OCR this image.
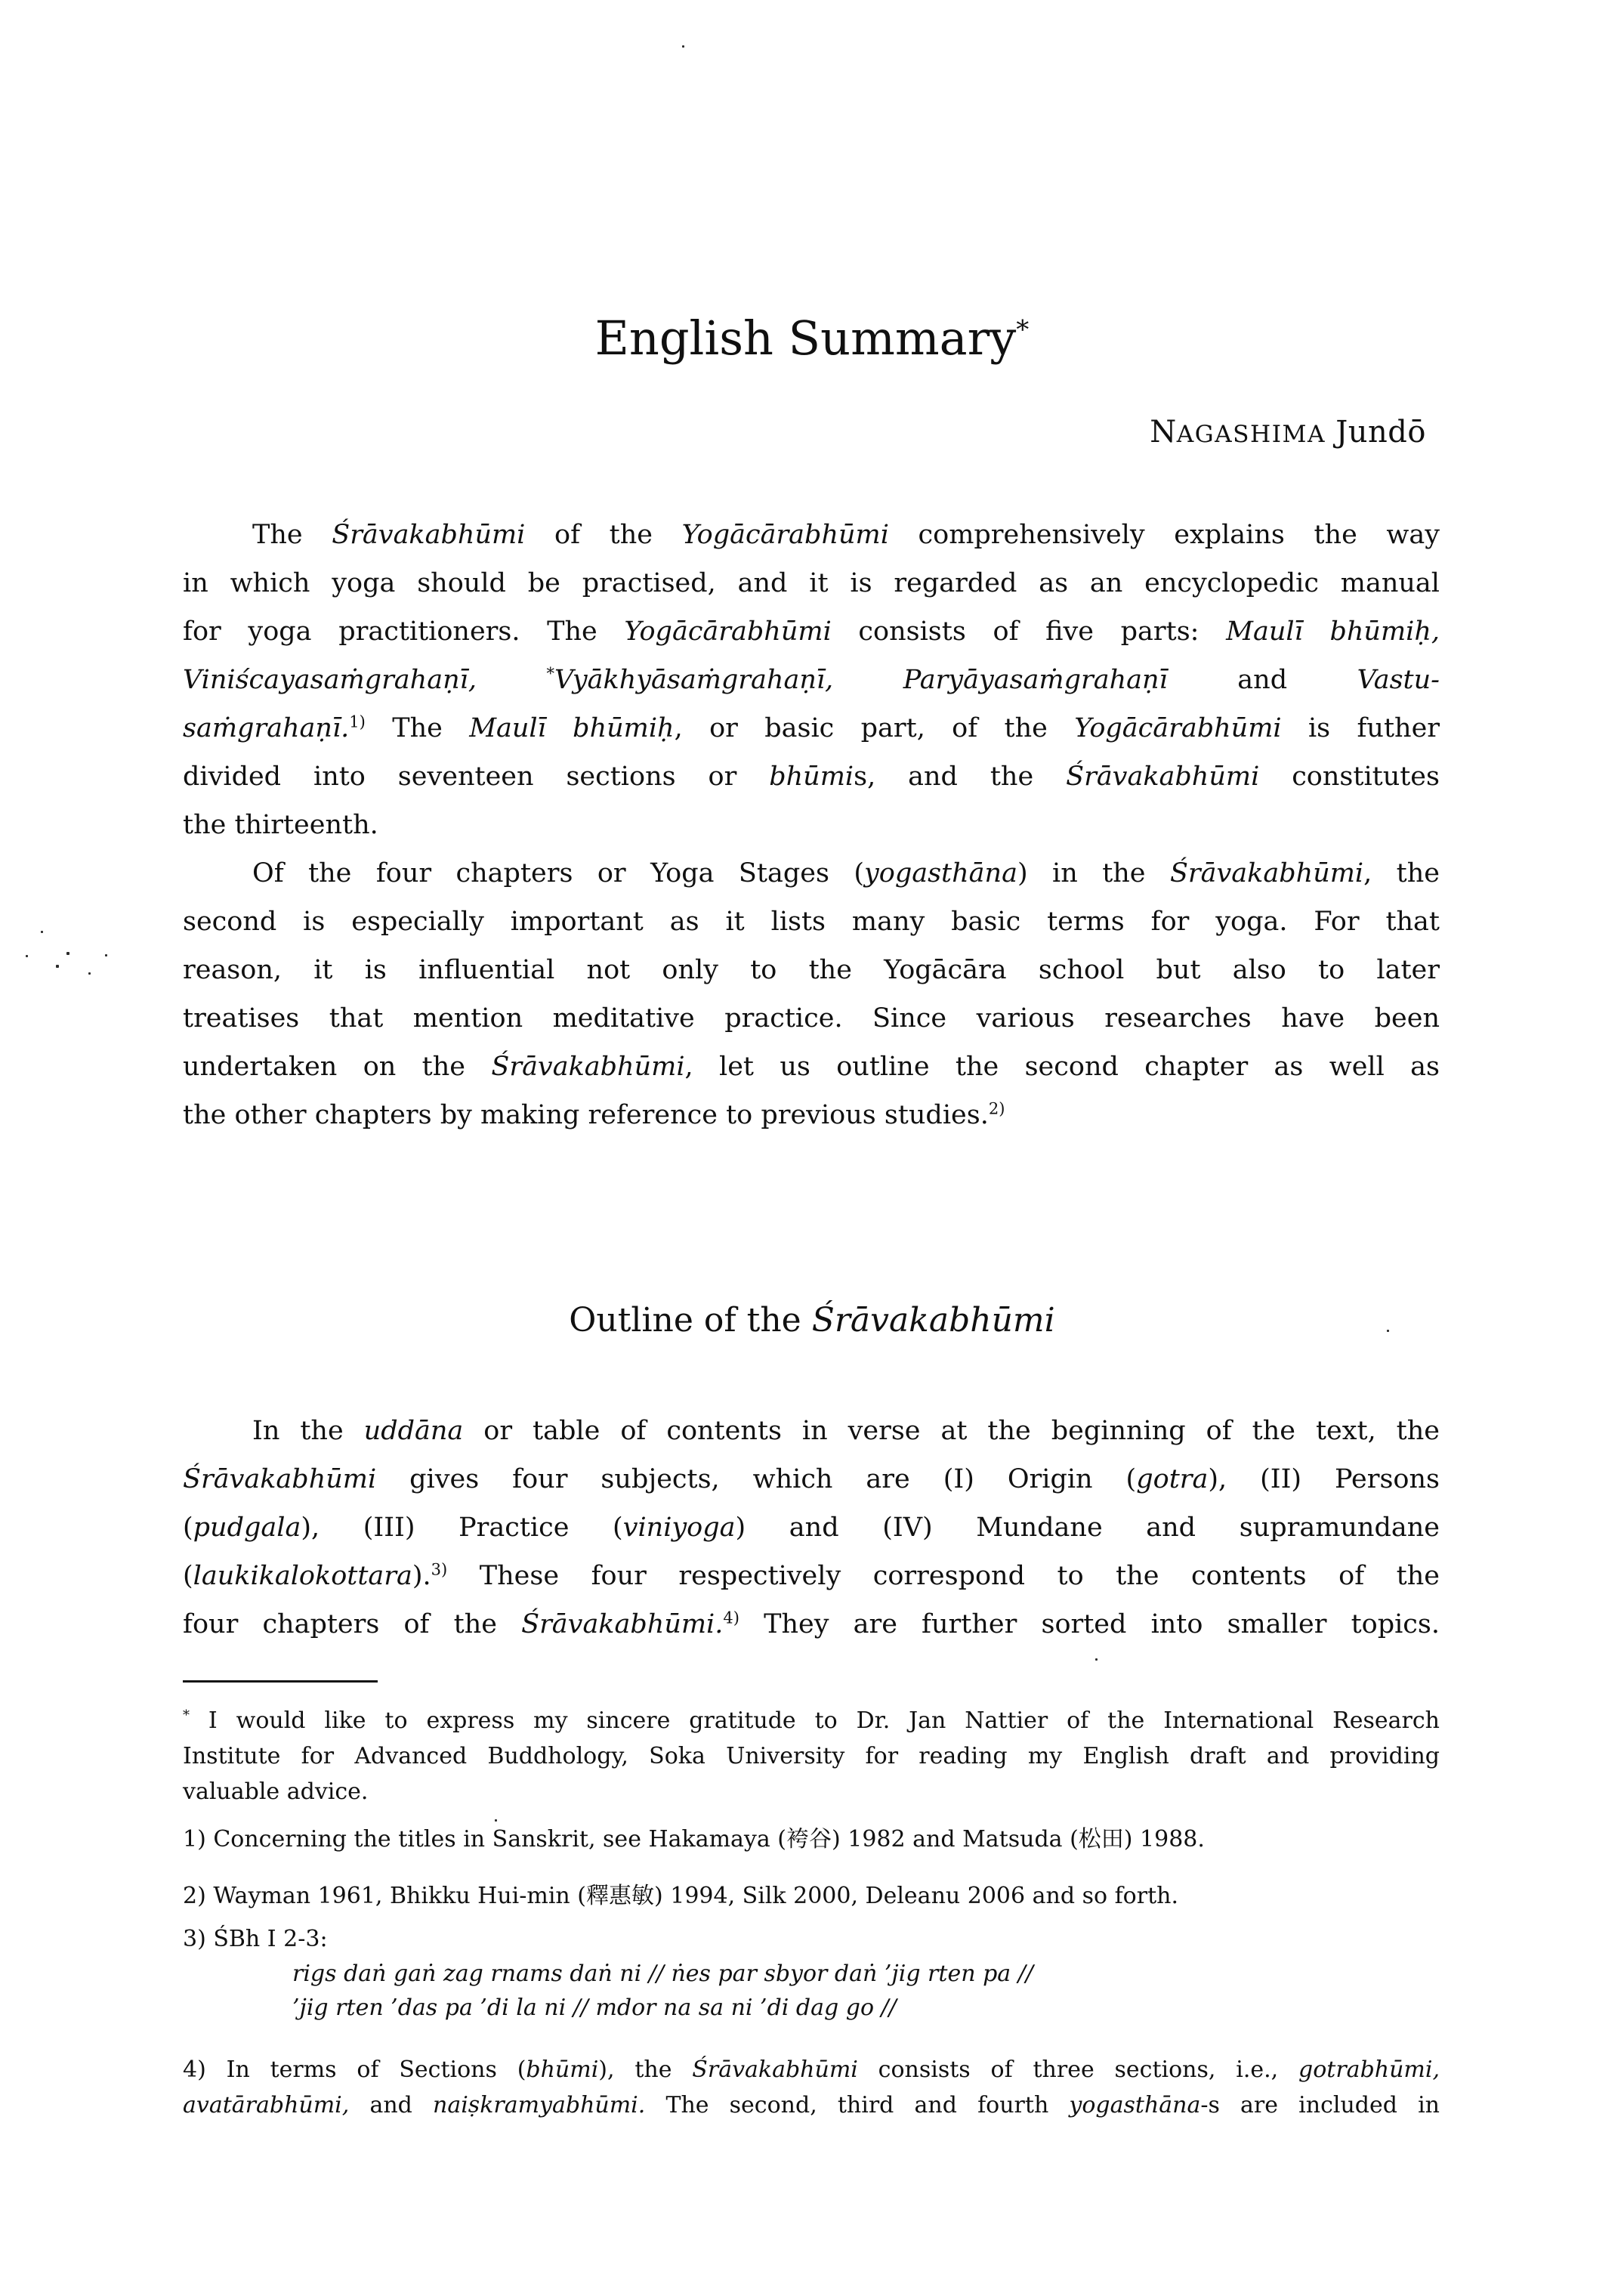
English Summary*
NAGASHIMA Jundō
The Śrāvakabhūmi of the Yogācārabhūmi comprehensively explains the way
in which yoga should be practised, and it is regarded as an encyclopedic manual
for yoga practitioners. The Yogācārabhūmi consists of five parts: Maulī bhūmiḥ,
Viniścayasaṁgrahaṇī,	*Vyākhyāsaṁgrahaṇī,	Paryāyasaṁgrahaṇī and Vastu-
saṁgrahaṇī.$^{1)}$ The Maulī bhūmiḥ, or basic part, of the Yogācārabhūmi is futher
divided into seventeen sections or bhūmis, and the Śrāvakabhūmi constitutes
the thirteenth.
Of the four chapters or Yoga Stages (yogasthāna) in the Śrāvakabhūmi, the
second is especially important as it lists many basic terms for yoga. For that
reason, it is influential not only to the Yogācāra school but also to later
treatises that mention meditative practice. Since various researches have been
undertaken on the Śrāvakabhūmi, let us outline the second chapter as well as
the other chapters by making reference to previous studies.$^{2)}$
Outline of the Śrāvakabhūmi
In the uddāna or table of contents in verse at the beginning of the text, the
Śrāvakabhūmi gives four subjects, which are (I) Origin (gotra), (II) Persons
(pudgala), (III) Practice (viniyoga) and (IV) Mundane and supramundane
(laukikalokottara).$^{3)}$ These four respectively correspond to the contents of the
four chapters of the Śrāvakabhūmi.$^{4)}$ They are further sorted into smaller topics.
* I would like to express my sincere gratitude to Dr. Jan Nattier of the International Research
Institute for Advanced Buddhology, Soka University for reading my English draft and providing
valuable advice.
1) Concerning the titles in Sanskrit, see Hakamaya (袴谷) 1982 and Matsuda (松田) 1988.
2) Wayman 1961, Bhikku Hui-min (釋惠敏) 1994, Silk 2000, Deleanu 2006 and so forth.
3) ŚBh I 2-3:
rigs daṅ gaṅ zag rnams daṅ ni // ṅes par sbyor daṅ ’jig rten pa //
’jig rten ’das pa ’di la ni // mdor na sa ni ’di dag go //
4) In terms of Sections (bhūmi), the Śrāvakabhūmi consists of three sections, i.e., gotrabhūmi,
avatārabhūmi, and naiṣkramyabhūmi. The second, third and fourth yogasthāna-s are included in
